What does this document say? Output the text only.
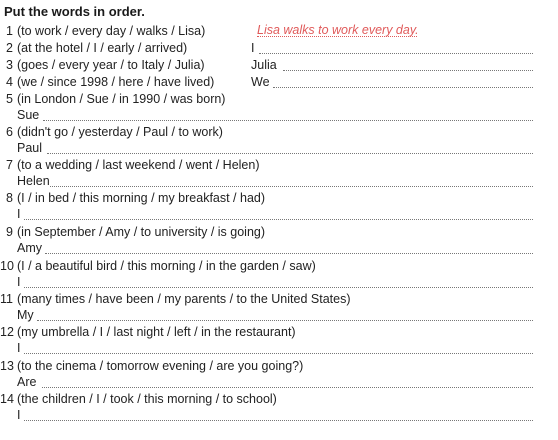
Put the words in order.
1 (to work / every day / walks / Lisa)	Lisa walks to work every day.
2 (at the hotel / I / early / arrived)	I
3 (goes / every year / to Italy / Julia)	Julia
4 (we / since 1998 / here / have lived)	We
5 (in London / Sue / in 1990 / was born)
Sue
6 (didn't go / yesterday / Paul / to work)
Paul
7 (to a wedding / last weekend / went / Helen)
Helen
8 (I / in bed / this morning / my breakfast / had)
I
9 (in September / Amy / to university / is going)
Amy
10 (I / a beautiful bird / this morning / in the garden / saw)
I
11 (many times / have been / my parents / to the United States)
My
12 (my umbrella / I / last night / left / in the restaurant)
I
13 (to the cinema / tomorrow evening / are you going?)
Are
14 (the children / I / took / this morning / to school)
I
